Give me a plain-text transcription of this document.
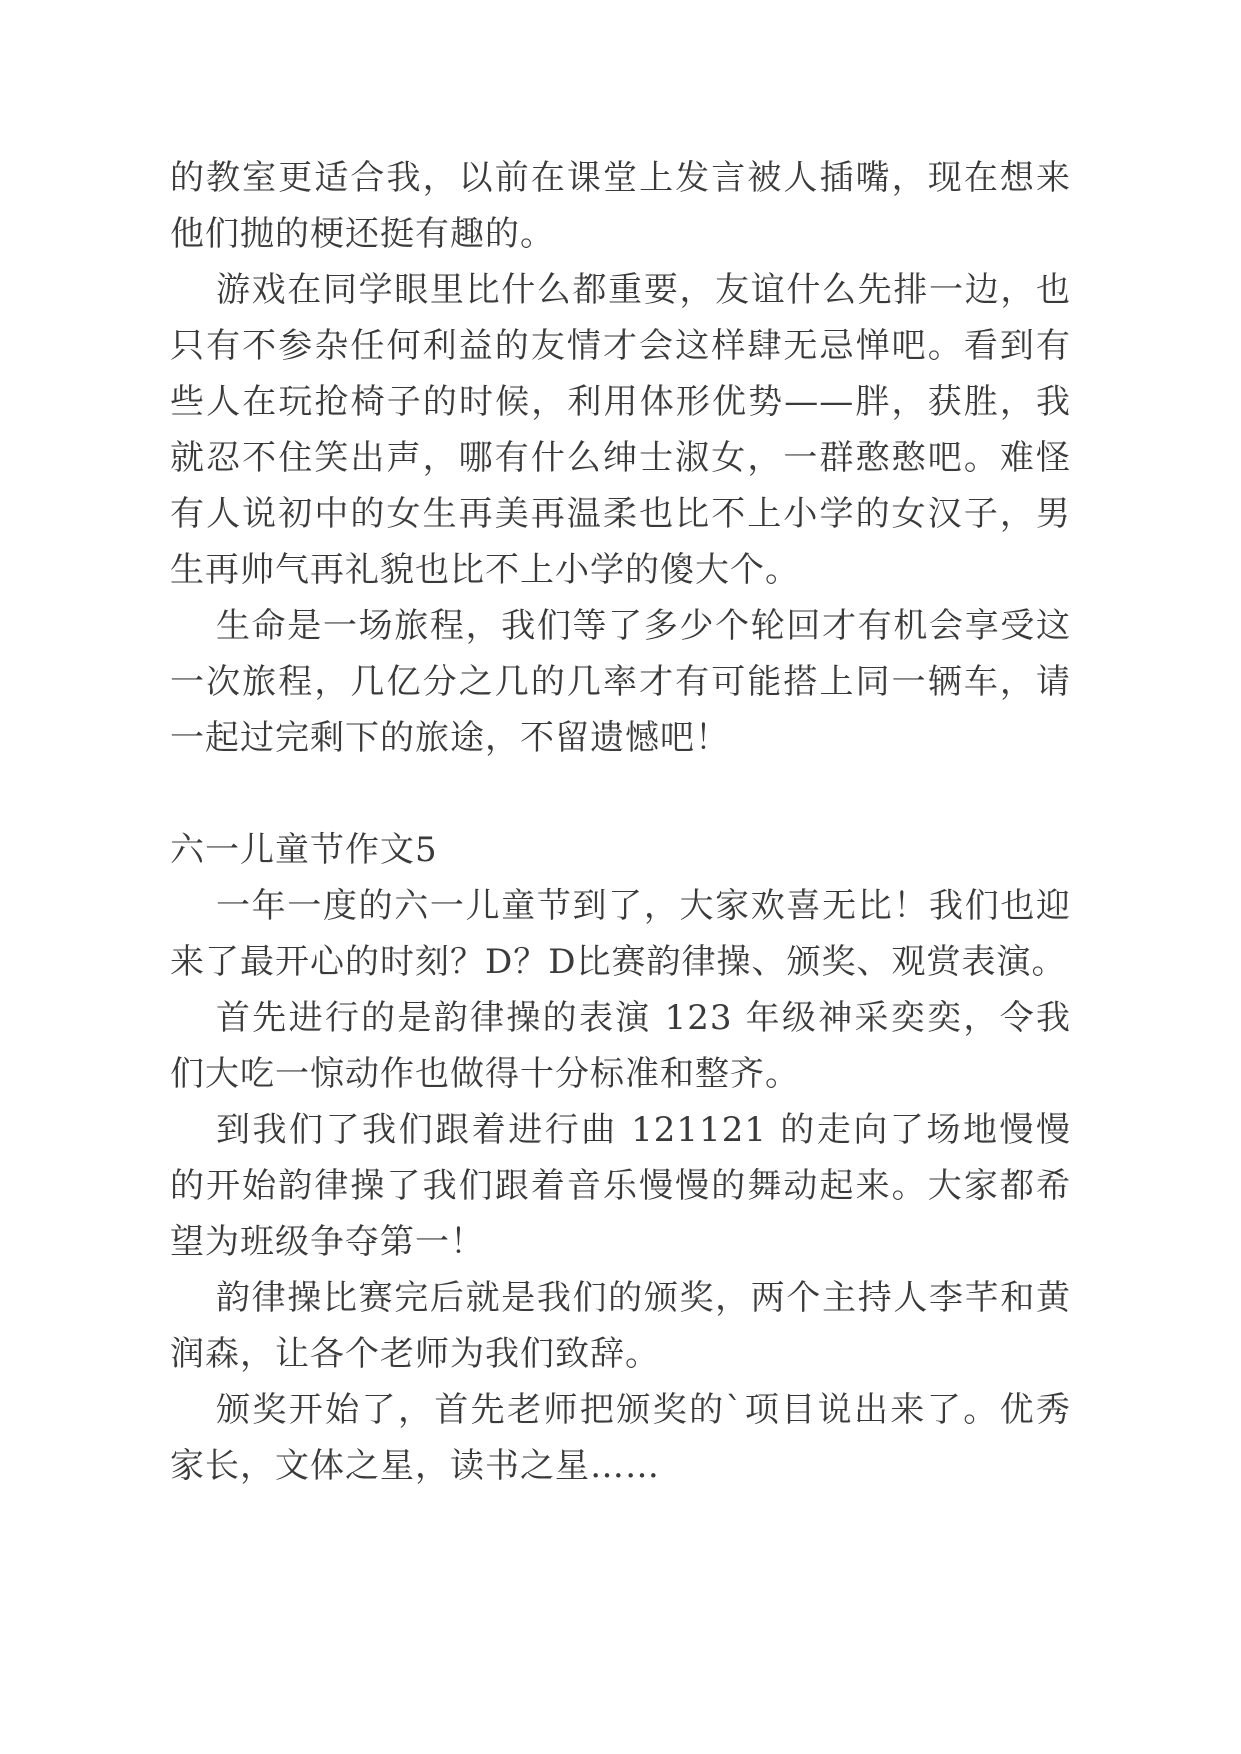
的教室更适合我，以前在课堂上发言被人插嘴，现在想来他们抛的梗还挺有趣的。

游戏在同学眼里比什么都重要，友谊什么先排一边，也只有不参杂任何利益的友情才会这样肆无忌惮吧。看到有些人在玩抢椅子的时候，利用体形优势——胖，获胜，我就忍不住笑出声，哪有什么绅士淑女，一群憨憨吧。难怪有人说初中的女生再美再温柔也比不上小学的女汉子，男生再帅气再礼貌也比不上小学的傻大个。

生命是一场旅程，我们等了多少个轮回才有机会享受这一次旅程，几亿分之几的几率才有可能搭上同一辆车，请一起过完剩下的旅途，不留遗憾吧！

六一儿童节作文5

一年一度的六一儿童节到了，大家欢喜无比！我们也迎来了最开心的时刻？D？D比赛韵律操、颁奖、观赏表演。

首先进行的是韵律操的表演 123 年级神采奕奕，令我们大吃一惊动作也做得十分标准和整齐。

到我们了我们跟着进行曲 121121 的走向了场地慢慢的开始韵律操了我们跟着音乐慢慢的舞动起来。大家都希望为班级争夺第一！

韵律操比赛完后就是我们的颁奖，两个主持人李芊和黄润森，让各个老师为我们致辞。

颁奖开始了，首先老师把颁奖的`项目说出来了。优秀家长，文体之星，读书之星……
